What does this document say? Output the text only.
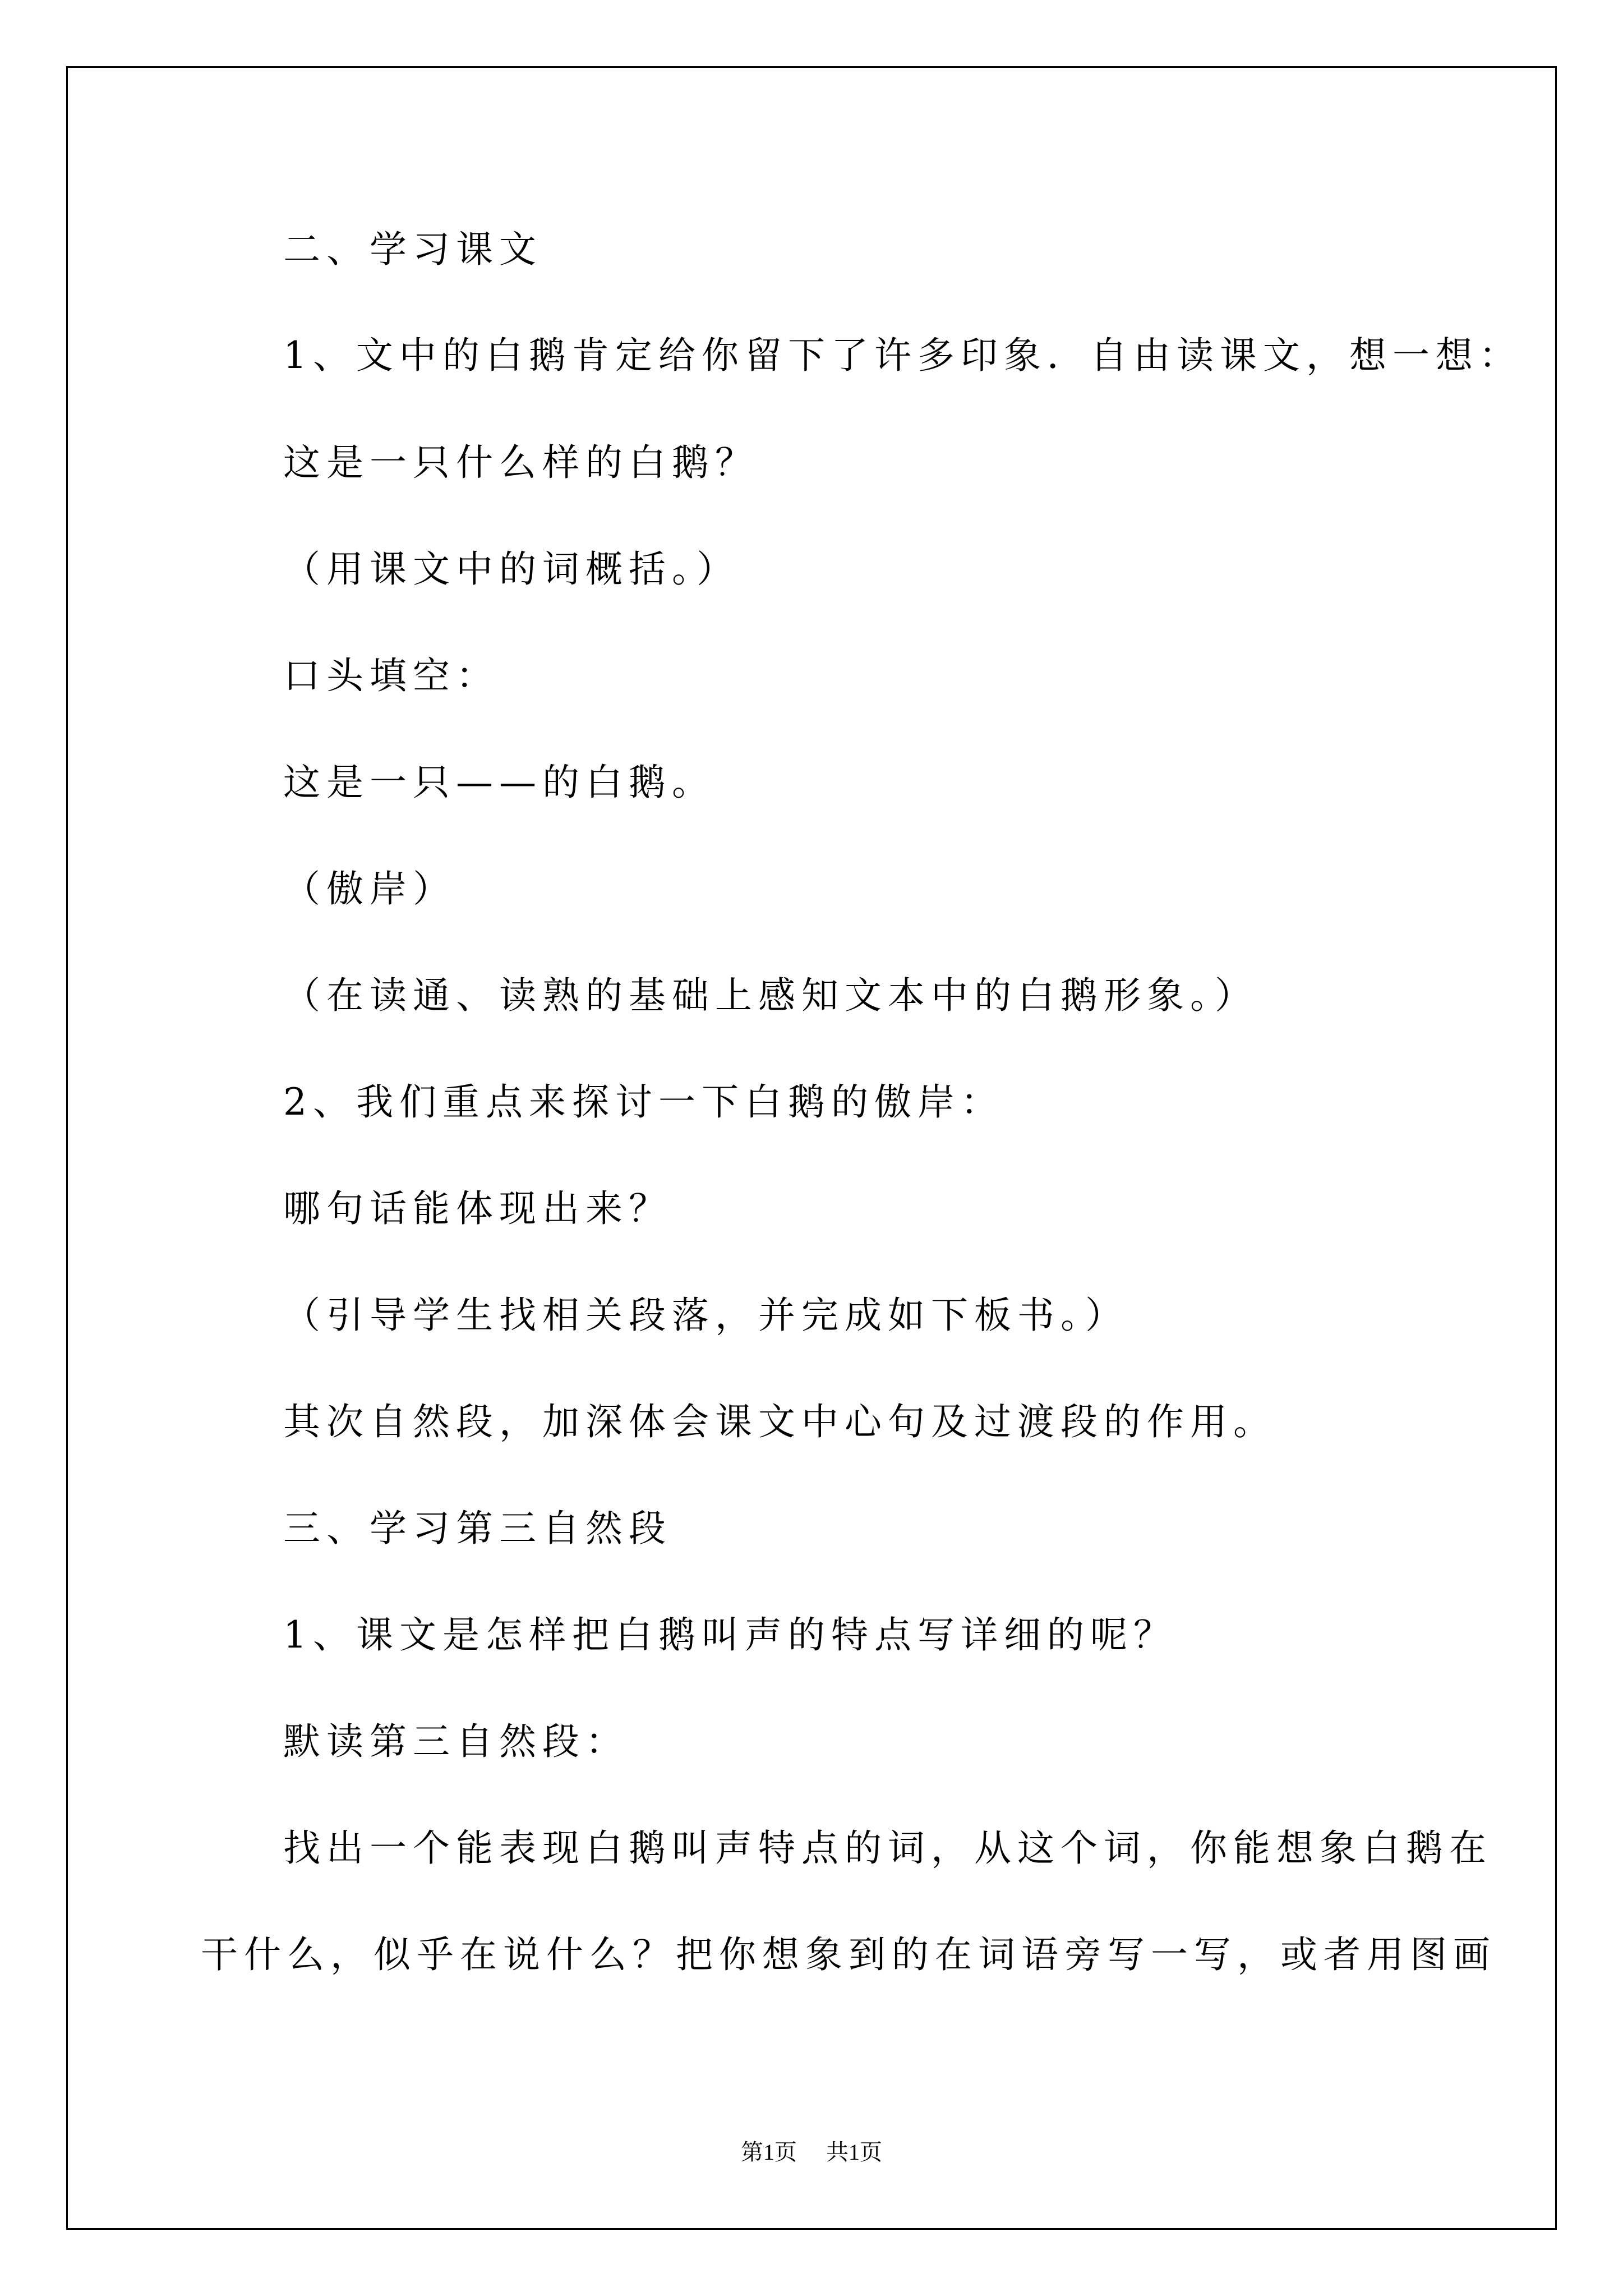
二、学习课文
1、文中的白鹅肯定给你留下了许多印象．自由读课文，想一想：
这是一只什么样的白鹅？
（用课文中的词概括。）
口头填空：
这是一只——的白鹅。
（傲岸）
（在读通、读熟的基础上感知文本中的白鹅形象。）
2、我们重点来探讨一下白鹅的傲岸：
哪句话能体现出来？
（引导学生找相关段落，并完成如下板书。）
其次自然段，加深体会课文中心句及过渡段的作用。
三、学习第三自然段
1、课文是怎样把白鹅叫声的特点写详细的呢？
默读第三自然段：
找出一个能表现白鹅叫声特点的词，从这个词，你能想象白鹅在
干什么，似乎在说什么？把你想象到的在词语旁写一写，或者用图画
第1页 共1页
